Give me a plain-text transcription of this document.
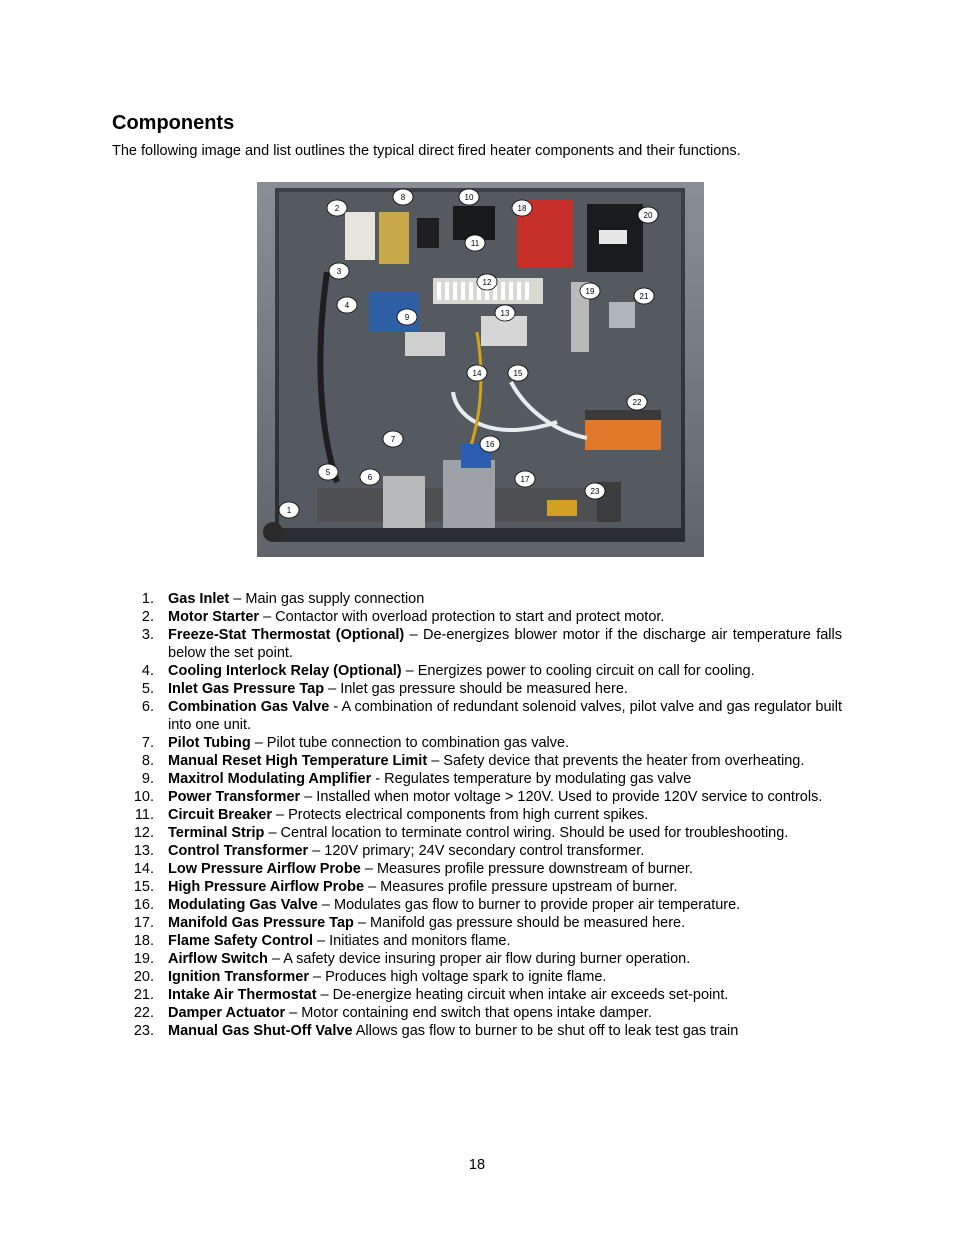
Components

The following image and list outlines the typical direct fired heater components and their functions.

1
2
3
4
5
6
7
8
9
10
11
12
13
14	15
16
17
18
19
20
21
22
23
1. Gas Inlet – Main gas supply connection
2. Motor Starter – Contactor with overload protection to start and protect motor.
3. Freeze-Stat Thermostat (Optional) – De-energizes blower motor if the discharge air temperature falls below the set point.
4. Cooling Interlock Relay (Optional) – Energizes power to cooling circuit on call for cooling.
5. Inlet Gas Pressure Tap – Inlet gas pressure should be measured here.
6. Combination Gas Valve - A combination of redundant solenoid valves, pilot valve and gas regulator built into one unit.
7. Pilot Tubing – Pilot tube connection to combination gas valve.
8. Manual Reset High Temperature Limit – Safety device that prevents the heater from overheating.
9. Maxitrol Modulating Amplifier - Regulates temperature by modulating gas valve
10. Power Transformer – Installed when motor voltage > 120V. Used to provide 120V service to controls.
11. Circuit Breaker – Protects electrical components from high current spikes.
12. Terminal Strip – Central location to terminate control wiring. Should be used for troubleshooting.
13. Control Transformer – 120V primary; 24V secondary control transformer.
14. Low Pressure Airflow Probe – Measures profile pressure downstream of burner.
15. High Pressure Airflow Probe – Measures profile pressure upstream of burner.
16. Modulating Gas Valve – Modulates gas flow to burner to provide proper air temperature.
17. Manifold Gas Pressure Tap – Manifold gas pressure should be measured here.
18. Flame Safety Control – Initiates and monitors flame.
19. Airflow Switch – A safety device insuring proper air flow during burner operation.
20. Ignition Transformer – Produces high voltage spark to ignite flame.
21. Intake Air Thermostat – De-energize heating circuit when intake air exceeds set-point.
22. Damper Actuator – Motor containing end switch that opens intake damper.
23. Manual Gas Shut-Off Valve Allows gas flow to burner to be shut off to leak test gas train
18
